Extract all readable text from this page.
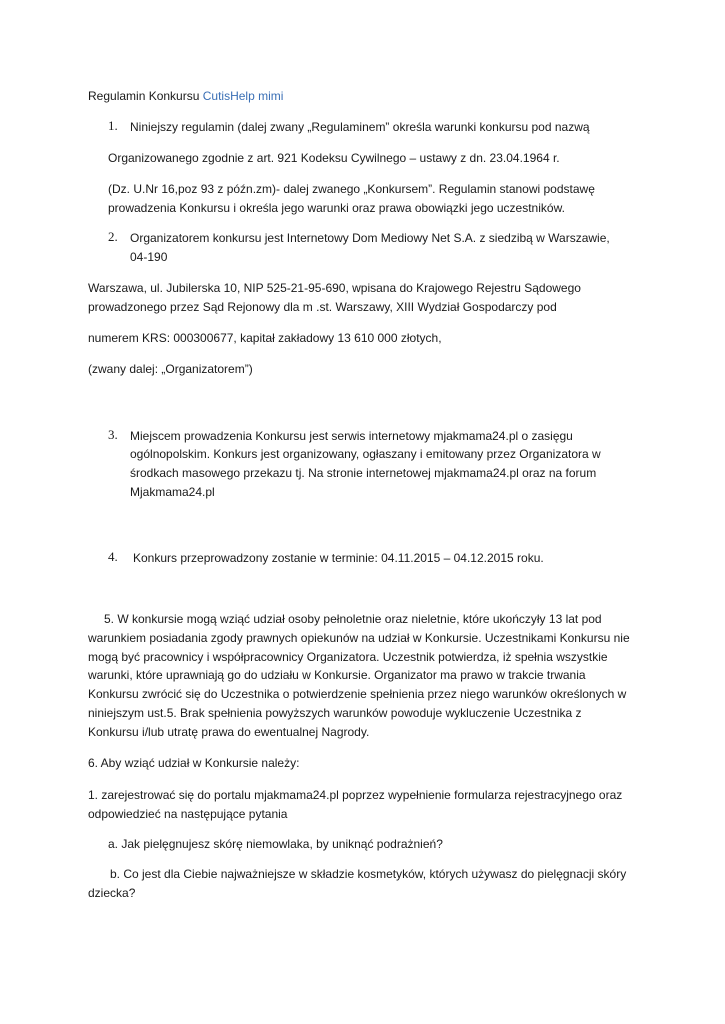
Regulamin Konkursu CutisHelp mimi
1. Niniejszy regulamin (dalej zwany „Regulaminem” określa warunki konkursu pod nazwą
Organizowanego zgodnie z art. 921 Kodeksu Cywilnego – ustawy z dn. 23.04.1964 r.
(Dz. U.Nr 16,poz 93 z późn.zm)- dalej zwanego „Konkursem”. Regulamin stanowi podstawę
prowadzenia Konkursu i określa jego warunki oraz prawa obowiązki jego uczestników.
2. Organizatorem konkursu jest Internetowy Dom Mediowy Net S.A. z siedzibą w Warszawie,
04-190
Warszawa, ul. Jubilerska 10, NIP 525-21-95-690, wpisana do Krajowego Rejestru Sądowego
prowadzonego przez Sąd Rejonowy dla m .st. Warszawy, XIII Wydział Gospodarczy pod
numerem KRS: 000300677, kapitał zakładowy 13 610 000 złotych,
(zwany dalej: „Organizatorem”)
3. Miejscem prowadzenia Konkursu jest serwis internetowy mjakmama24.pl o zasięgu
ogólnopolskim. Konkurs jest organizowany, ogłaszany i emitowany przez Organizatora w
środkach masowego przekazu tj. Na stronie internetowej mjakmama24.pl oraz na forum
Mjakmama24.pl
4. Konkurs przeprowadzony zostanie w terminie: 04.11.2015 – 04.12.2015 roku.
5. W konkursie mogą wziąć udział osoby pełnoletnie oraz nieletnie, które ukończyły 13 lat pod
warunkiem posiadania zgody prawnych opiekunów na udział w Konkursie. Uczestnikami Konkursu nie
mogą być pracownicy i współpracownicy Organizatora. Uczestnik potwierdza, iż spełnia wszystkie
warunki, które uprawniają go do udziału w Konkursie. Organizator ma prawo w trakcie trwania
Konkursu zwrócić się do Uczestnika o potwierdzenie spełnienia przez niego warunków określonych w
niniejszym ust.5. Brak spełnienia powyższych warunków powoduje wykluczenie Uczestnika z
Konkursu i/lub utratę prawa do ewentualnej Nagrody.
6. Aby wziąć udział w Konkursie należy:
1. zarejestrować się do portalu mjakmama24.pl poprzez wypełnienie formularza rejestracyjnego oraz
odpowiedzieć na następujące pytania
a. Jak pielęgnujesz skórę niemowlaka, by uniknąć podrażnień?
b. Co jest dla Ciebie najważniejsze w składzie kosmetyków, których używasz do pielęgnacji skóry
dziecka?
